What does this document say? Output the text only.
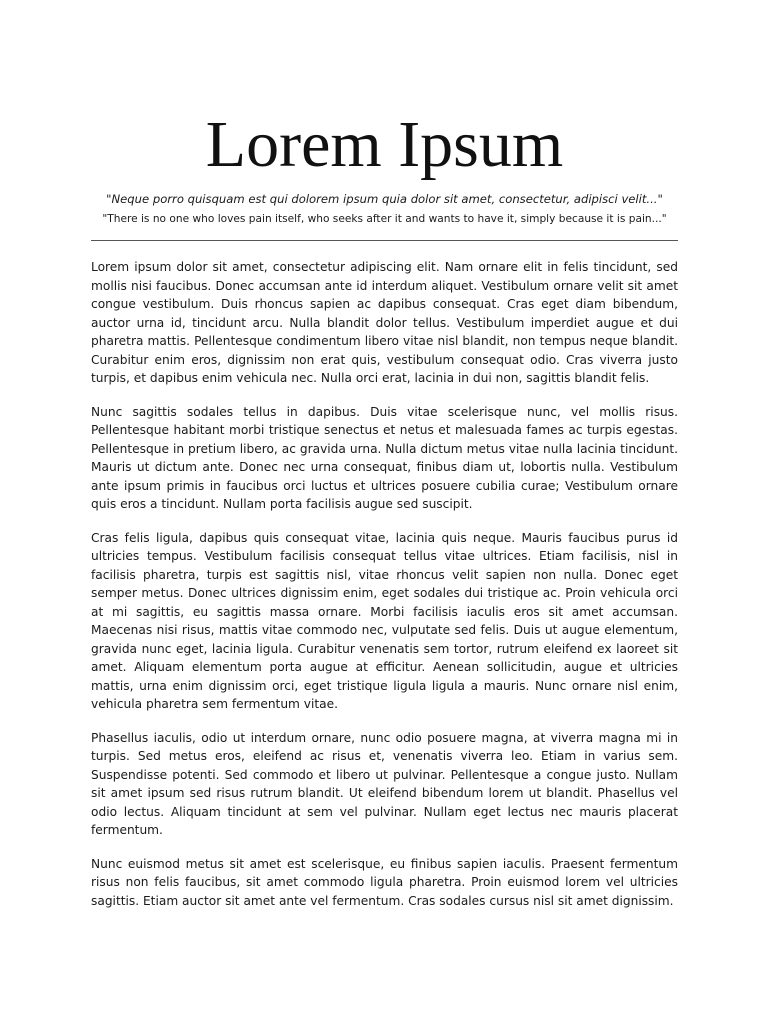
Lorem Ipsum

"Neque porro quisquam est qui dolorem ipsum quia dolor sit amet, consectetur, adipisci velit..."

"There is no one who loves pain itself, who seeks after it and wants to have it, simply because it is pain..."

Lorem ipsum dolor sit amet, consectetur adipiscing elit. Nam ornare elit in felis tincidunt, sed mollis nisi faucibus. Donec accumsan ante id interdum aliquet. Vestibulum ornare velit sit amet congue vestibulum. Duis rhoncus sapien ac dapibus consequat. Cras eget diam bibendum, auctor urna id, tincidunt arcu. Nulla blandit dolor tellus. Vestibulum imperdiet augue et dui pharetra mattis. Pellentesque condimentum libero vitae nisl blandit, non tempus neque blandit. Curabitur enim eros, dignissim non erat quis, vestibulum consequat odio. Cras viverra justo turpis, et dapibus enim vehicula nec. Nulla orci erat, lacinia in dui non, sagittis blandit felis.

Nunc sagittis sodales tellus in dapibus. Duis vitae scelerisque nunc, vel mollis risus. Pellentesque habitant morbi tristique senectus et netus et malesuada fames ac turpis egestas. Pellentesque in pretium libero, ac gravida urna. Nulla dictum metus vitae nulla lacinia tincidunt. Mauris ut dictum ante. Donec nec urna consequat, finibus diam ut, lobortis nulla. Vestibulum ante ipsum primis in faucibus orci luctus et ultrices posuere cubilia curae; Vestibulum ornare quis eros a tincidunt. Nullam porta facilisis augue sed suscipit.

Cras felis ligula, dapibus quis consequat vitae, lacinia quis neque. Mauris faucibus purus id ultricies tempus. Vestibulum facilisis consequat tellus vitae ultrices. Etiam facilisis, nisl in facilisis pharetra, turpis est sagittis nisl, vitae rhoncus velit sapien non nulla. Donec eget semper metus. Donec ultrices dignissim enim, eget sodales dui tristique ac. Proin vehicula orci at mi sagittis, eu sagittis massa ornare. Morbi facilisis iaculis eros sit amet accumsan. Maecenas nisi risus, mattis vitae commodo nec, vulputate sed felis. Duis ut augue elementum, gravida nunc eget, lacinia ligula. Curabitur venenatis sem tortor, rutrum eleifend ex laoreet sit amet. Aliquam elementum porta augue at efficitur. Aenean sollicitudin, augue et ultricies mattis, urna enim dignissim orci, eget tristique ligula ligula a mauris. Nunc ornare nisl enim, vehicula pharetra sem fermentum vitae.

Phasellus iaculis, odio ut interdum ornare, nunc odio posuere magna, at viverra magna mi in turpis. Sed metus eros, eleifend ac risus et, venenatis viverra leo. Etiam in varius sem. Suspendisse potenti. Sed commodo et libero ut pulvinar. Pellentesque a congue justo. Nullam sit amet ipsum sed risus rutrum blandit. Ut eleifend bibendum lorem ut blandit. Phasellus vel odio lectus. Aliquam tincidunt at sem vel pulvinar. Nullam eget lectus nec mauris placerat fermentum.

Nunc euismod metus sit amet est scelerisque, eu finibus sapien iaculis. Praesent fermentum risus non felis faucibus, sit amet commodo ligula pharetra. Proin euismod lorem vel ultricies sagittis. Etiam auctor sit amet ante vel fermentum. Cras sodales cursus nisl sit amet dignissim.
